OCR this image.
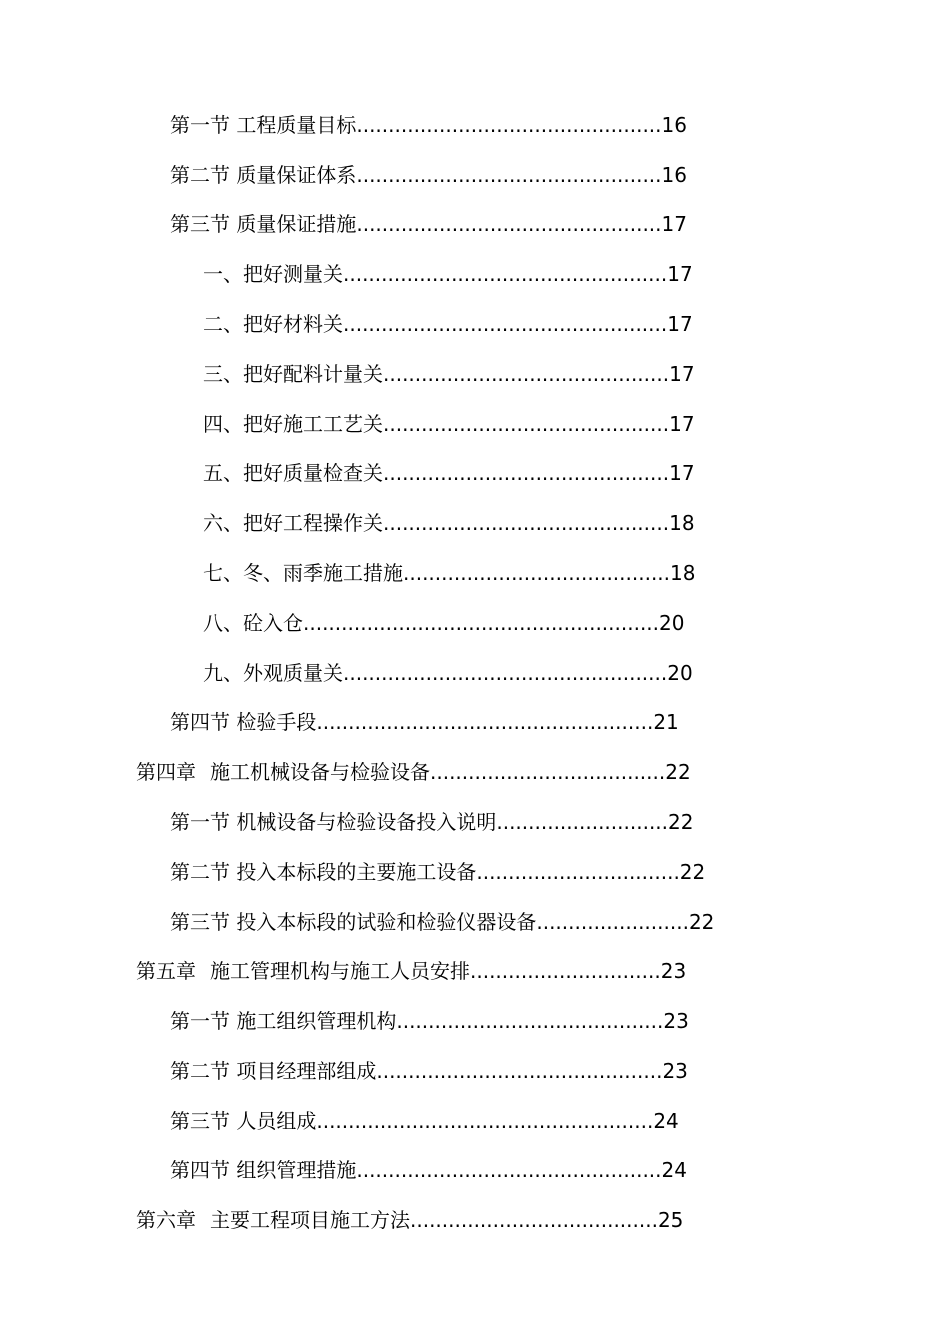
第一节 工程质量目标................................................16
第二节 质量保证体系................................................16
第三节 质量保证措施................................................17
一、把好测量关...................................................17
二、把好材料关...................................................17
三、把好配料计量关.............................................17
四、把好施工工艺关.............................................17
五、把好质量检查关.............................................17
六、把好工程操作关.............................................18
七、冬、雨季施工措施..........................................18
八、砼入仓........................................................20
九、外观质量关...................................................20
第四节 检验手段.....................................................21
第四章 施工机械设备与检验设备.....................................22
第一节 机械设备与检验设备投入说明...........................22
第二节 投入本标段的主要施工设备................................22
第三节 投入本标段的试验和检验仪器设备........................22
第五章 施工管理机构与施工人员安排..............................23
第一节 施工组织管理机构..........................................23
第二节 项目经理部组成.............................................23
第三节 人员组成.....................................................24
第四节 组织管理措施................................................24
第六章 主要工程项目施工方法.......................................25
